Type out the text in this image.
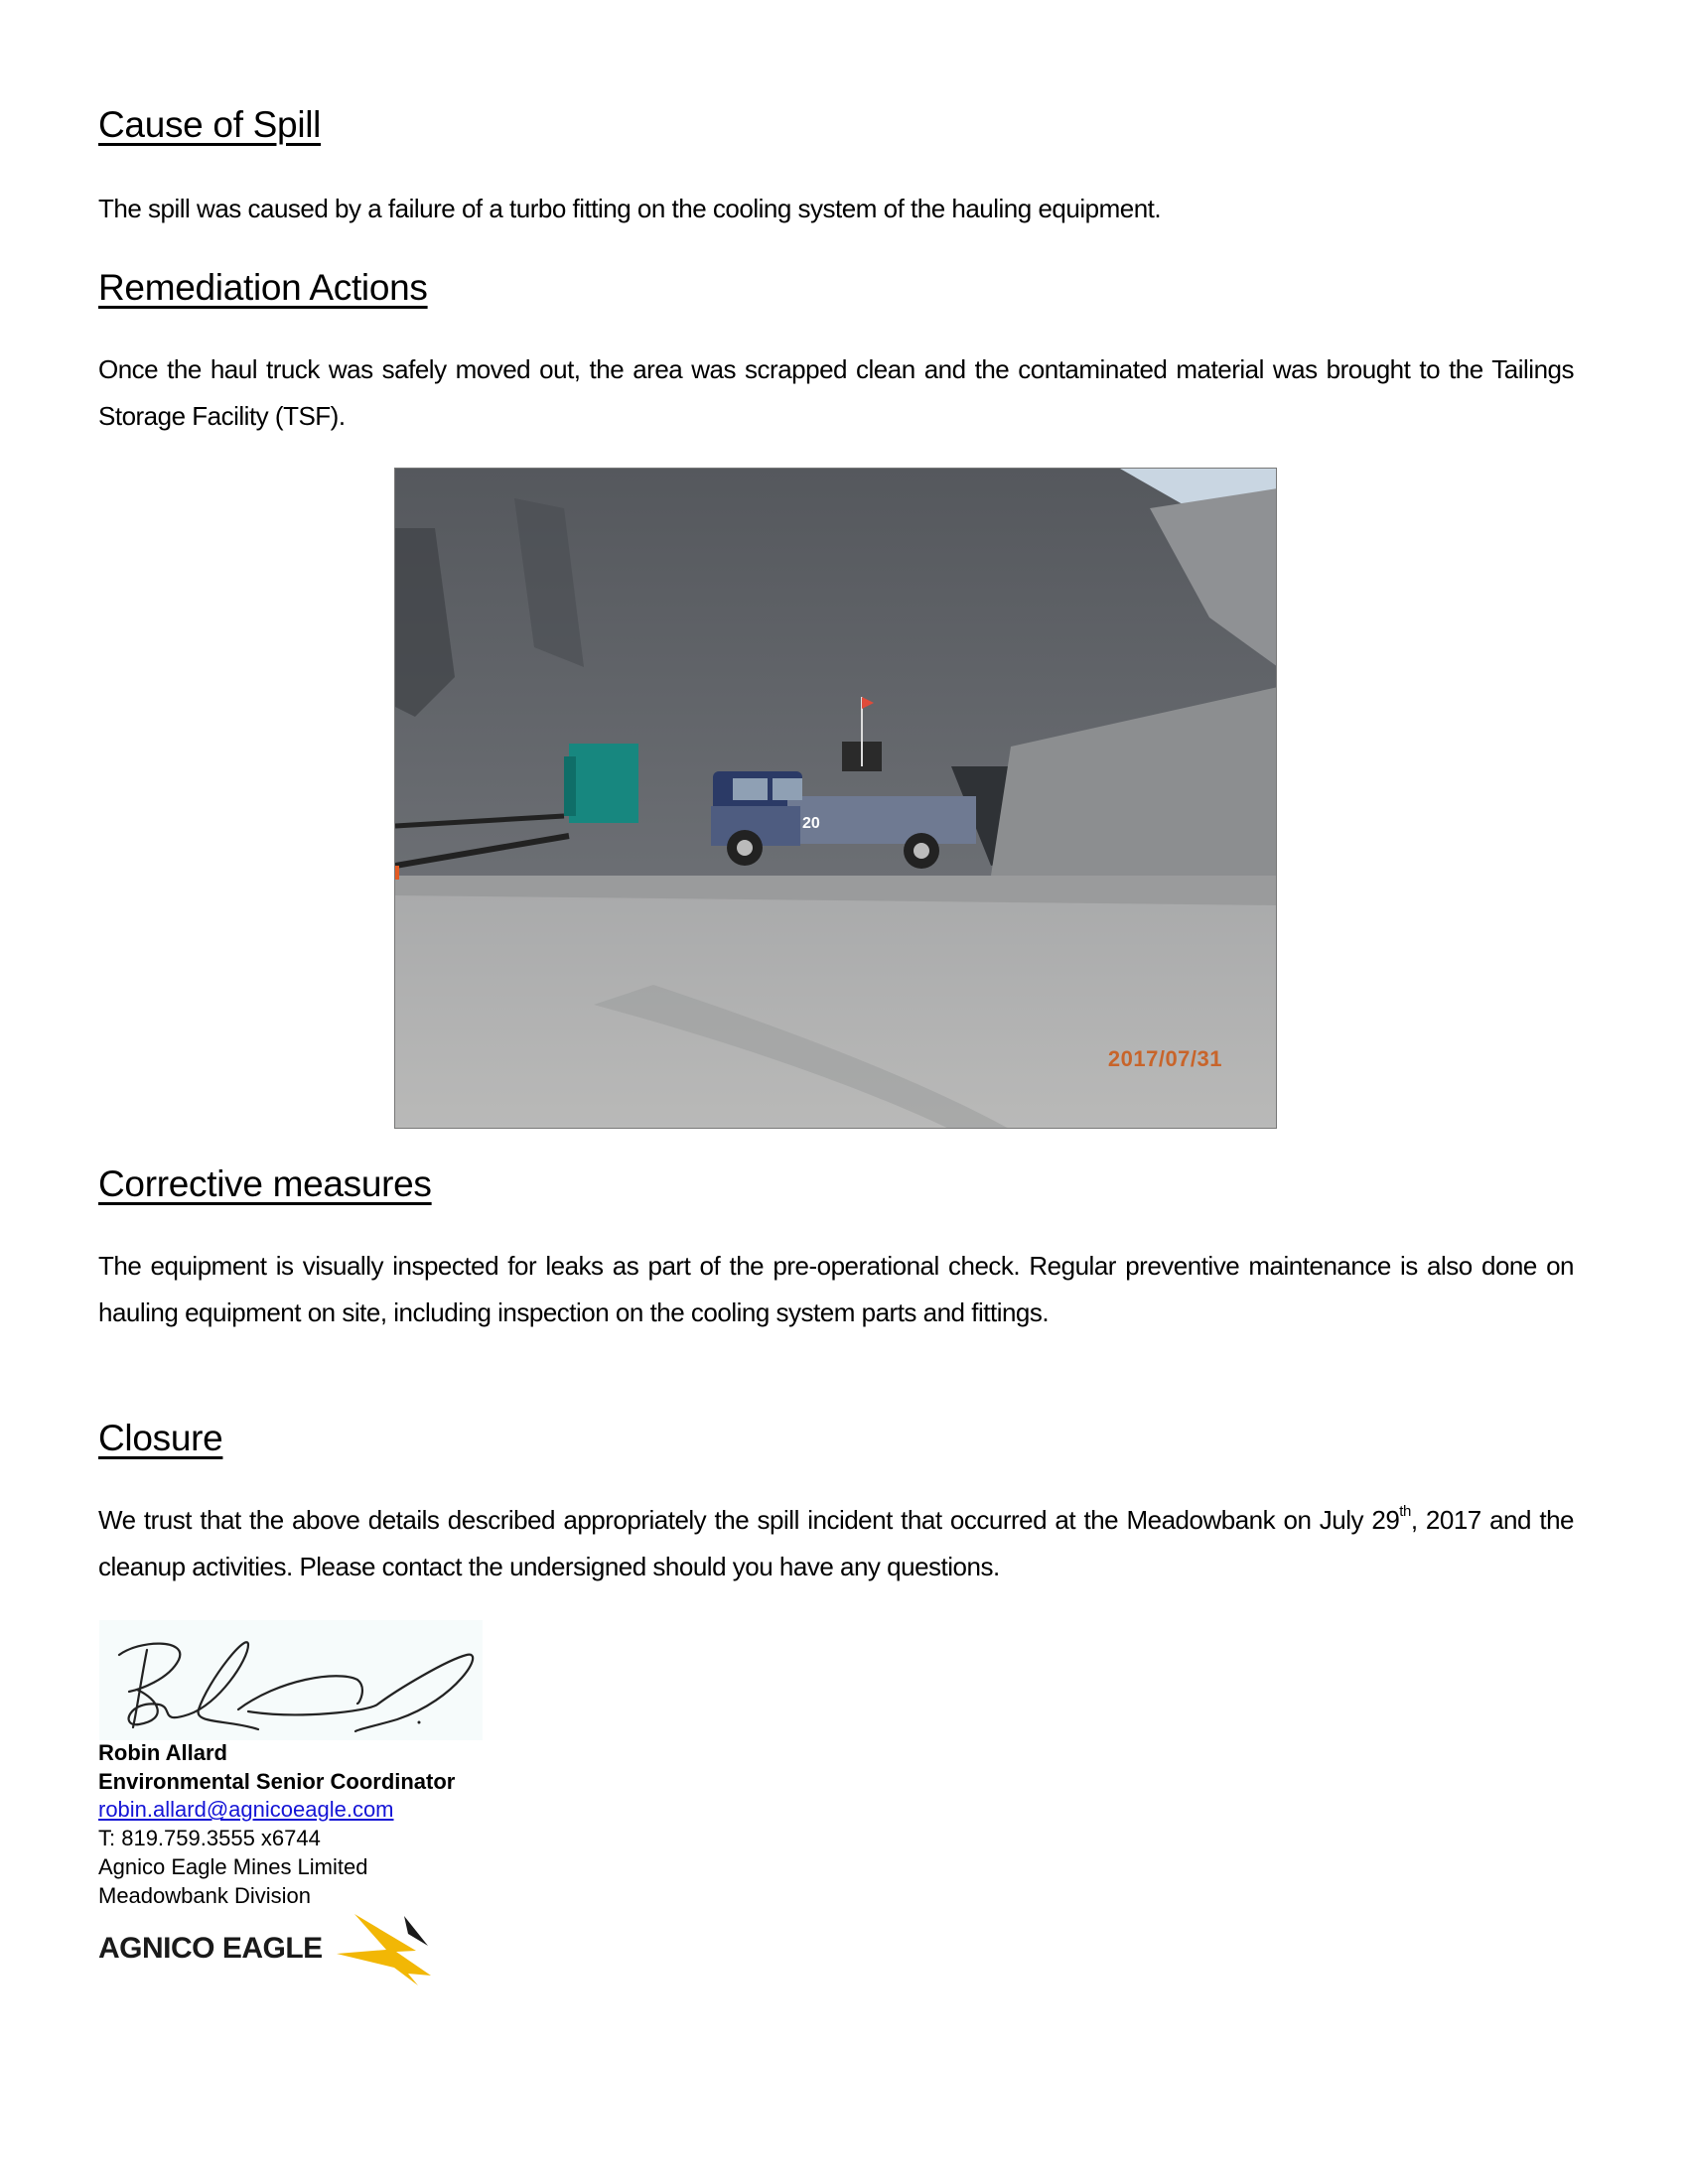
Cause of Spill
The spill was caused by a failure of a turbo fitting on the cooling system of the hauling equipment.
Remediation Actions
Once the haul truck was safely moved out, the area was scrapped clean and the contaminated material was brought to the Tailings Storage Facility (TSF).
20
2017/07/31
Corrective measures
The equipment is visually inspected for leaks as part of the pre-operational check. Regular preventive maintenance is also done on hauling equipment on site, including inspection on the cooling system parts and fittings.
Closure
We trust that the above details described appropriately the spill incident that occurred at the Meadowbank on July 29th, 2017 and the cleanup activities. Please contact the undersigned should you have any questions.
Robin Allard
Environmental Senior Coordinator
robin.allard@agnicoeagle.com
T: 819.759.3555 x6744
Agnico Eagle Mines Limited
Meadowbank Division
AGNICO EAGLE
